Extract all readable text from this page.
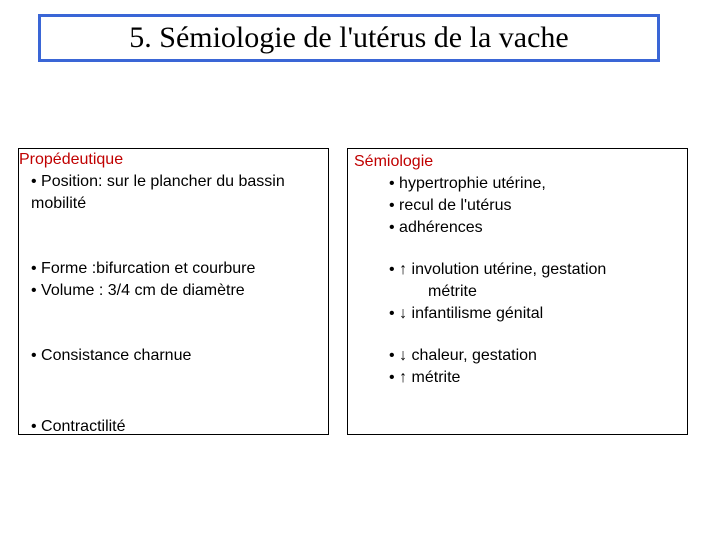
5. Sémiologie de l'utérus de la vache
Propédeutique
• Position: sur le plancher du bassin
mobilité
• Forme :bifurcation et courbure
• Volume : 3/4 cm de diamètre
• Consistance charnue
• Contractilité
Sémiologie
• hypertrophie utérine,
• recul de l'utérus
• adhérences
• ↑ involution utérine, gestation
métrite
• ↓ infantilisme génital
• ↓ chaleur, gestation
• ↑ métrite
